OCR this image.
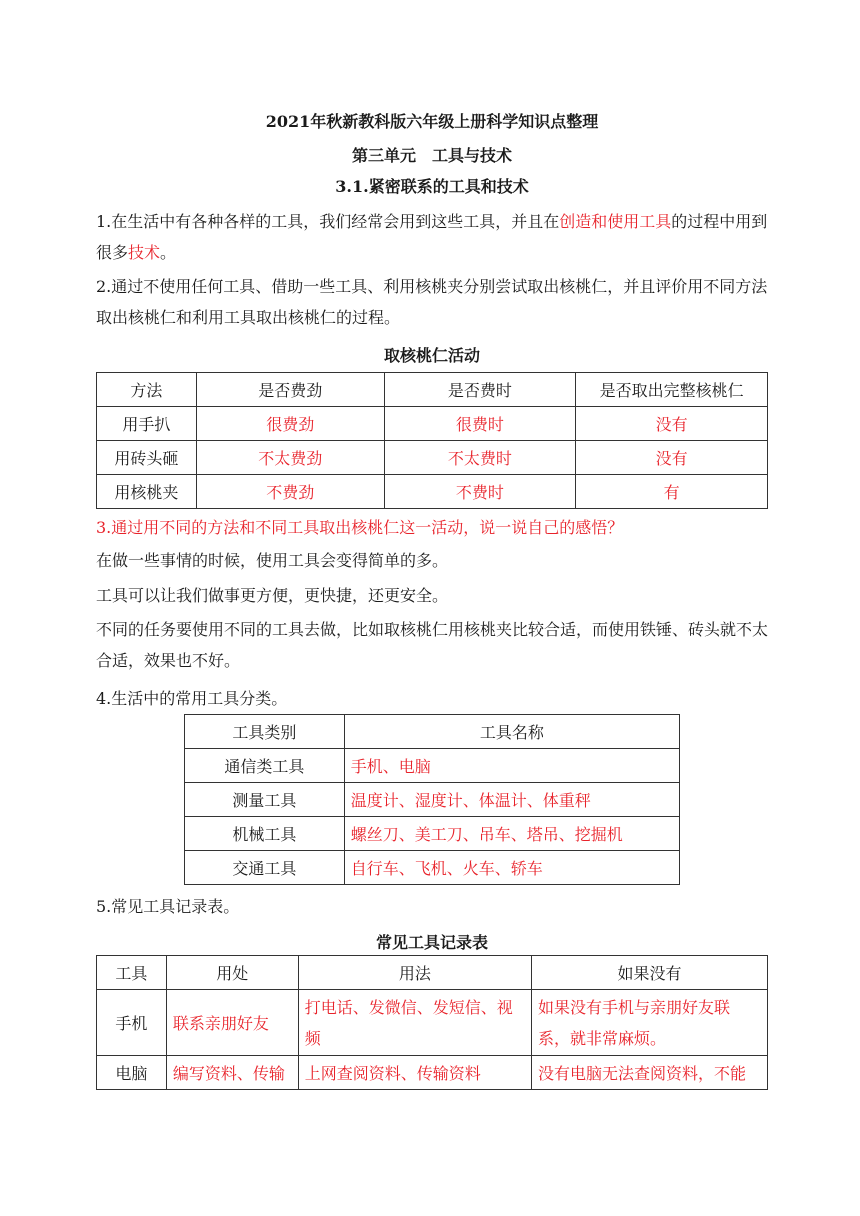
2021年秋新教科版六年级上册科学知识点整理
第三单元　工具与技术
3.1.紧密联系的工具和技术
1.在生活中有各种各样的工具，我们经常会用到这些工具，并且在创造和使用工具的过程中用到很多技术。
2.通过不使用任何工具、借助一些工具、利用核桃夹分别尝试取出核桃仁，并且评价用不同方法取出核桃仁和利用工具取出核桃仁的过程。
取核桃仁活动
方法	是否费劲	是否费时	是否取出完整核桃仁
用手扒	很费劲	很费时	没有
用砖头砸	不太费劲	不太费时	没有
用核桃夹	不费劲	不费时	有
3.通过用不同的方法和不同工具取出核桃仁这一活动，说一说自己的感悟？
在做一些事情的时候，使用工具会变得简单的多。
工具可以让我们做事更方便，更快捷，还更安全。
不同的任务要使用不同的工具去做，比如取核桃仁用核桃夹比较合适，而使用铁锤、砖头就不太合适，效果也不好。
4.生活中的常用工具分类。
工具类别	工具名称
通信类工具	手机、电脑
测量工具	温度计、湿度计、体温计、体重秤
机械工具	螺丝刀、美工刀、吊车、塔吊、挖掘机
交通工具	自行车、飞机、火车、轿车
5.常见工具记录表。
常见工具记录表
工具	用处	用法	如果没有
手机	联系亲朋好友	打电话、发微信、发短信、视频	如果没有手机与亲朋好友联系，就非常麻烦。
电脑	编写资料、传输	上网查阅资料、传输资料	没有电脑无法查阅资料，不能
